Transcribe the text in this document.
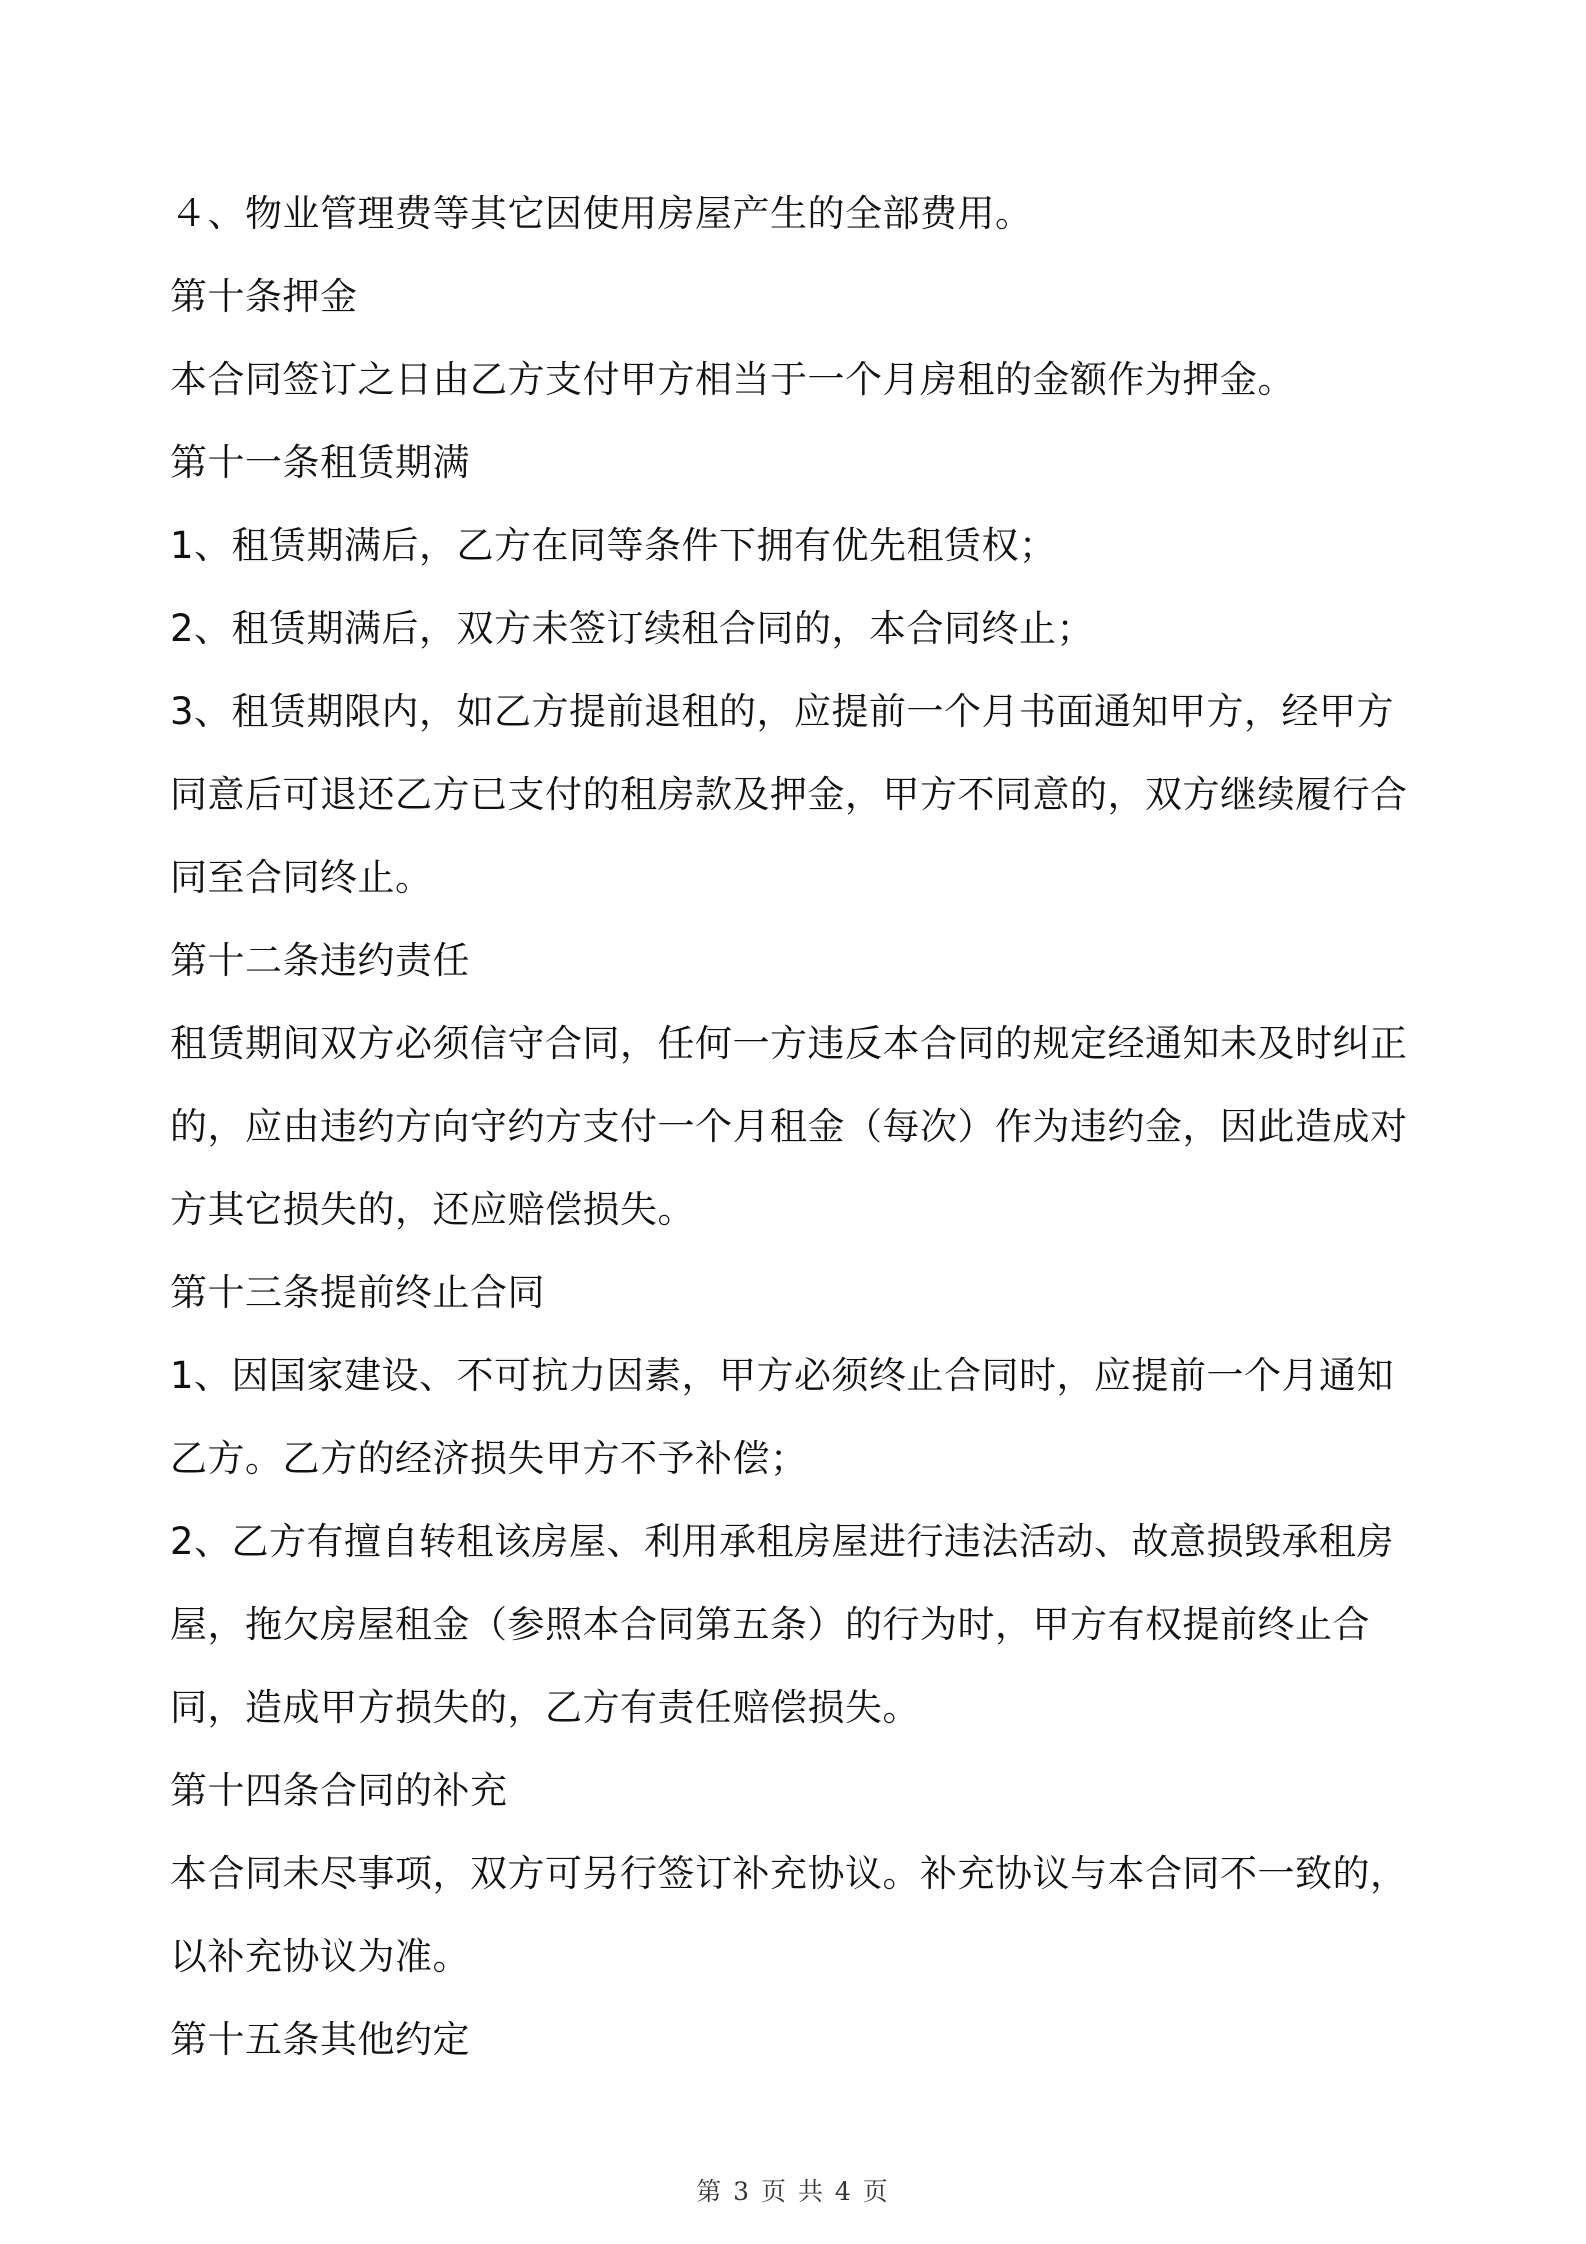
４、物业管理费等其它因使用房屋产生的全部费用。

第十条押金

本合同签订之日由乙方支付甲方相当于一个月房租的金额作为押金。

第十一条租赁期满

1、租赁期满后，乙方在同等条件下拥有优先租赁权；

2、租赁期满后，双方未签订续租合同的，本合同终止；

3、租赁期限内，如乙方提前退租的，应提前一个月书面通知甲方，经甲方同意后可退还乙方已支付的租房款及押金，甲方不同意的，双方继续履行合同至合同终止。

第十二条违约责任

租赁期间双方必须信守合同，任何一方违反本合同的规定经通知未及时纠正的，应由违约方向守约方支付一个月租金（每次）作为违约金，因此造成对方其它损失的，还应赔偿损失。

第十三条提前终止合同

1、因国家建设、不可抗力因素，甲方必须终止合同时，应提前一个月通知乙方。乙方的经济损失甲方不予补偿；

2、乙方有擅自转租该房屋、利用承租房屋进行违法活动、故意损毁承租房屋，拖欠房屋租金（参照本合同第五条）的行为时，甲方有权提前终止合同，造成甲方损失的，乙方有责任赔偿损失。

第十四条合同的补充

本合同未尽事项，双方可另行签订补充协议。补充协议与本合同不一致的，以补充协议为准。

第十五条其他约定

第 3 页 共 4 页
